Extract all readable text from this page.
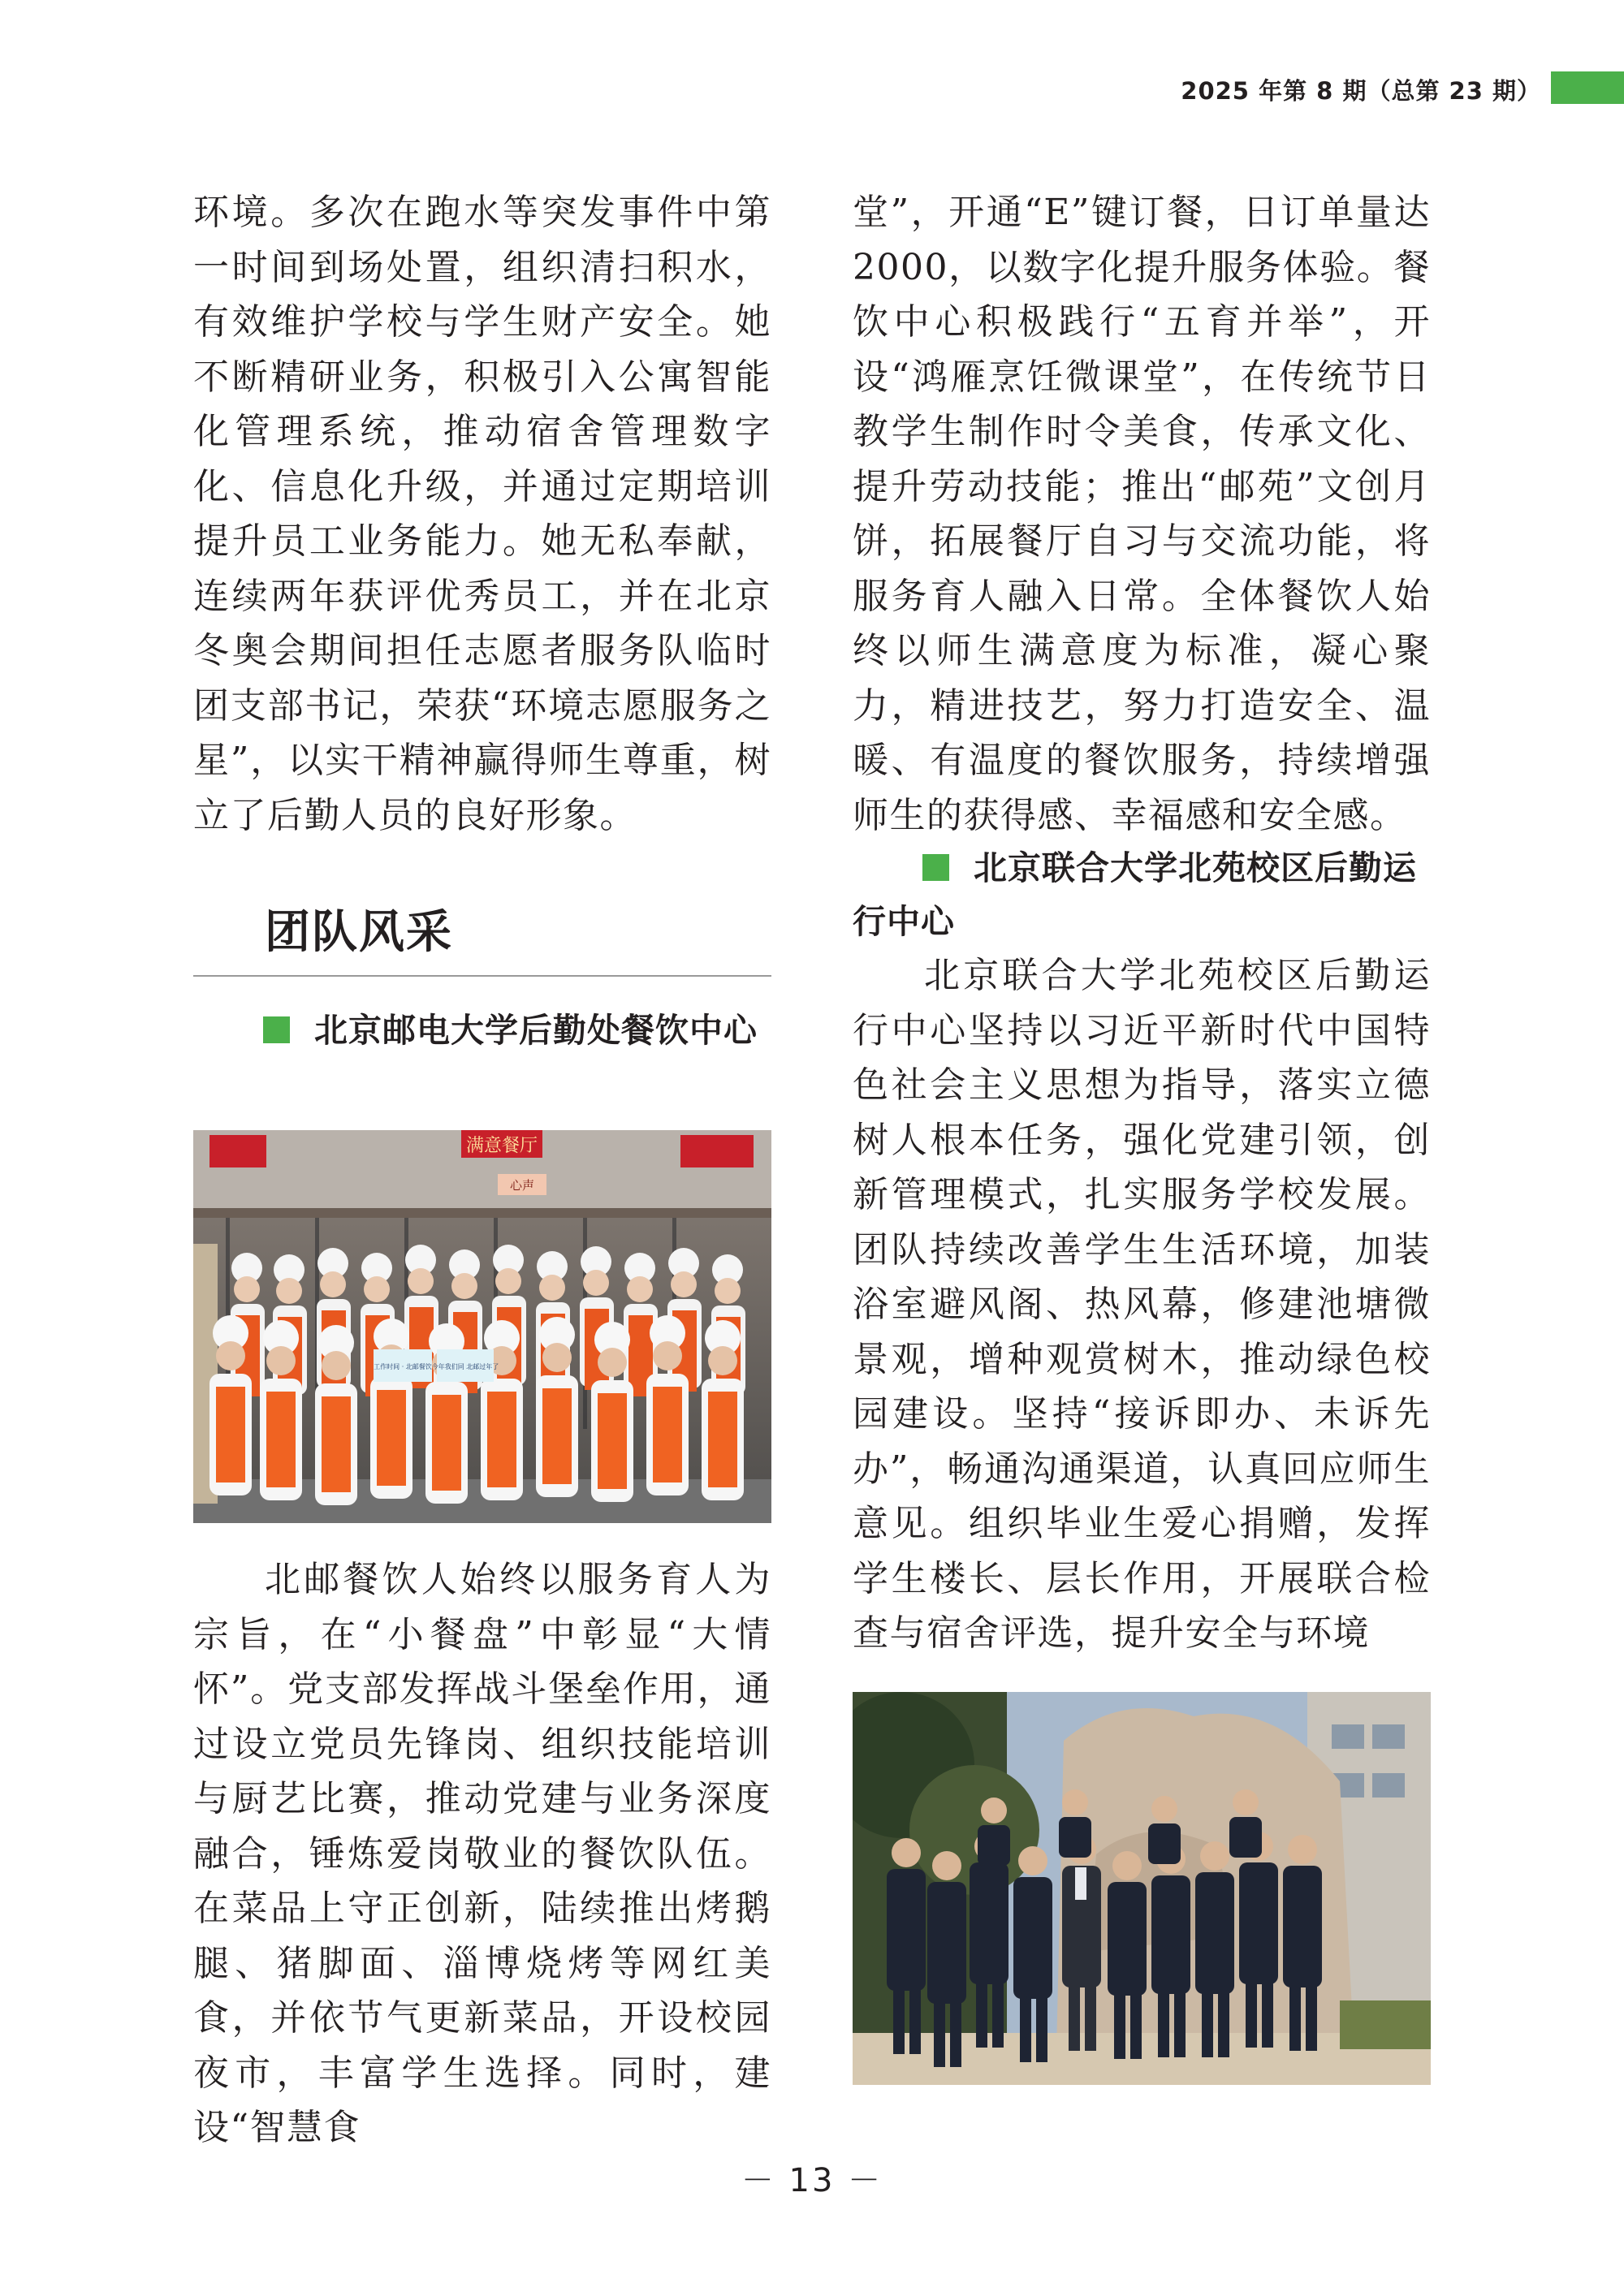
2025 年第 8 期（总第 23 期）

环境。多次在跑水等突发事件中第一时间到场处置，组织清扫积水，有效维护学校与学生财产安全。她不断精研业务，积极引入公寓智能化管理系统，推动宿舍管理数字化、信息化升级，并通过定期培训提升员工业务能力。她无私奉献，连续两年获评优秀员工，并在北京冬奥会期间担任志愿者服务队临时团支部书记，荣获“环境志愿服务之星”，以实干精神赢得师生尊重，树立了后勤人员的良好形象。

团队风采

北京邮电大学后勤处餐饮中心

满意餐厅
心声
工作时间 · 北邮餐饮 今年我们同 北邮过年了

北邮餐饮人始终以服务育人为宗旨，在“小餐盘”中彰显“大情怀”。党支部发挥战斗堡垒作用，通过设立党员先锋岗、组织技能培训与厨艺比赛，推动党建与业务深度融合，锤炼爱岗敬业的餐饮队伍。在菜品上守正创新，陆续推出烤鹅腿、猪脚面、淄博烧烤等网红美食，并依节气更新菜品，开设校园夜市，丰富学生选择。同时，建设“智慧食

堂”，开通“E”键订餐，日订单量达2000，以数字化提升服务体验。餐饮中心积极践行“五育并举”，开设“鸿雁烹饪微课堂”，在传统节日教学生制作时令美食，传承文化、提升劳动技能；推出“邮苑”文创月饼，拓展餐厅自习与交流功能，将服务育人融入日常。全体餐饮人始终以师生满意度为标准，凝心聚力，精进技艺，努力打造安全、温暖、有温度的餐饮服务，持续增强师生的获得感、幸福感和安全感。

北京联合大学北苑校区后勤运行中心

北京联合大学北苑校区后勤运行中心坚持以习近平新时代中国特色社会主义思想为指导，落实立德树人根本任务，强化党建引领，创新管理模式，扎实服务学校发展。团队持续改善学生生活环境，加装浴室避风阁、热风幕，修建池塘微景观，增种观赏树木，推动绿色校园建设。坚持“接诉即办、未诉先办”，畅通沟通渠道，认真回应师生意见。组织毕业生爱心捐赠，发挥学生楼长、层长作用，开展联合检查与宿舍评选，提升安全与环境

－ 13 －
